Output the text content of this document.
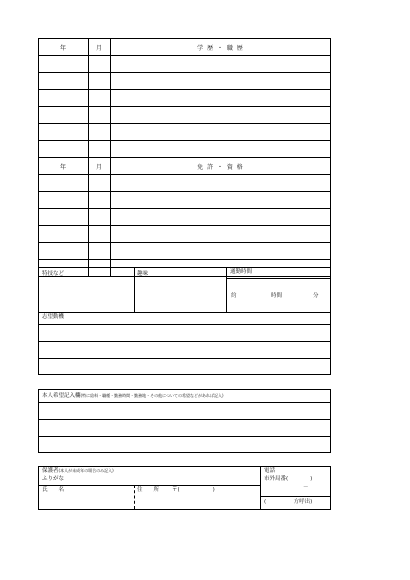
年	月	学 歴 ・ 職 歴

年	月	免 許 ・ 資 格

特技など	趣味	通勤時間
約	時間	分
志望動機
本人希望記入欄(特に給料・職種・勤務時間・勤務地・その他についての希望などがあれば記入)
保護者(本人が未成年の場合のみ記入)
ふりがな
氏　　名	住　　所 〒(　　　　　　)
電話
市外局番(　　　　)
－
(　　　　　方呼出)
